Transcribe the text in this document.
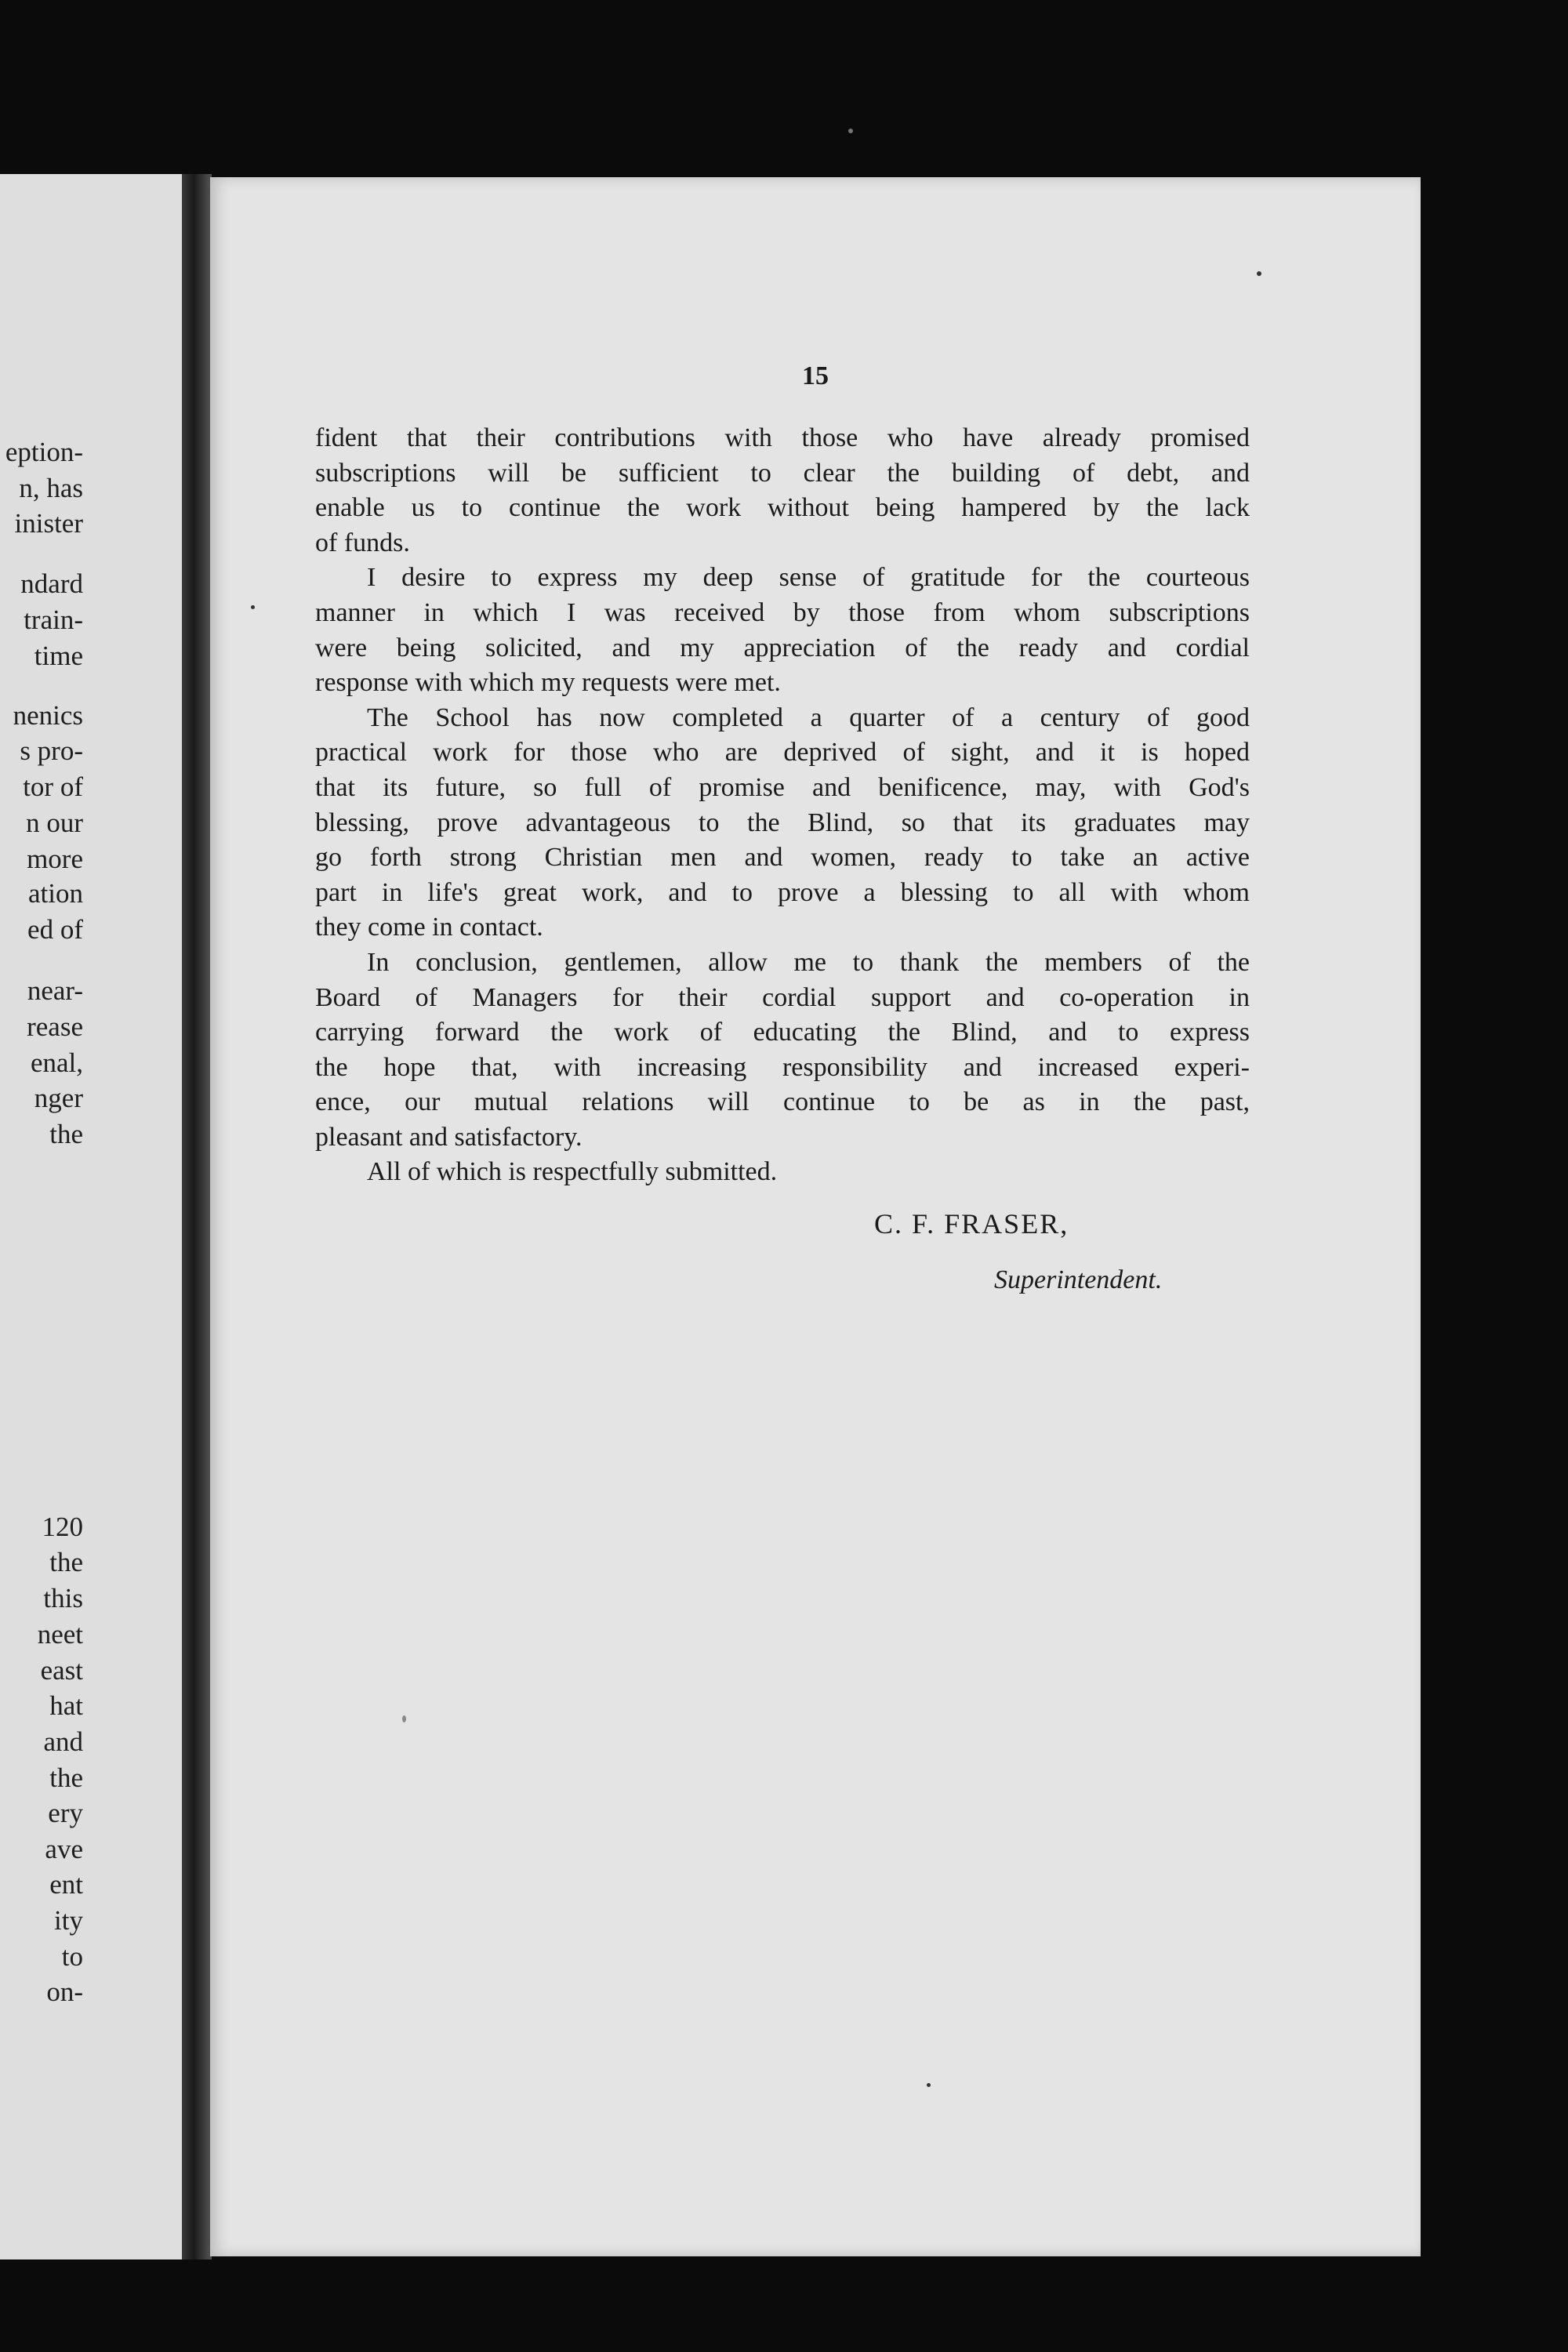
eption-
n, has
inister
ndard
train-
time
nenics
s pro-
tor of
n our
more
ation
ed of
near-
rease
enal,
nger
the
120
the
this
neet
east
hat
and
the
ery
ave
ent
ity
to
on-

15

fident that their contributions with those who have already promised
subscriptions will be sufficient to clear the building of debt, and
enable us to continue the work without being hampered by the lack
of funds.
I desire to express my deep sense of gratitude for the courteous
manner in which I was received by those from whom subscriptions
were being solicited, and my appreciation of the ready and cordial
response with which my requests were met.
The School has now completed a quarter of a century of good
practical work for those who are deprived of sight, and it is hoped
that its future, so full of promise and benificence, may, with God's
blessing, prove advantageous to the Blind, so that its graduates may
go forth strong Christian men and women, ready to take an active
part in life's great work, and to prove a blessing to all with whom
they come in contact.
In conclusion, gentlemen, allow me to thank the members of the
Board of Managers for their cordial support and co-operation in
carrying forward the work of educating the Blind, and to express
the hope that, with increasing responsibility and increased experi-
ence, our mutual relations will continue to be as in the past,
pleasant and satisfactory.
All of which is respectfully submitted.

C. F. FRASER,

Superintendent.
